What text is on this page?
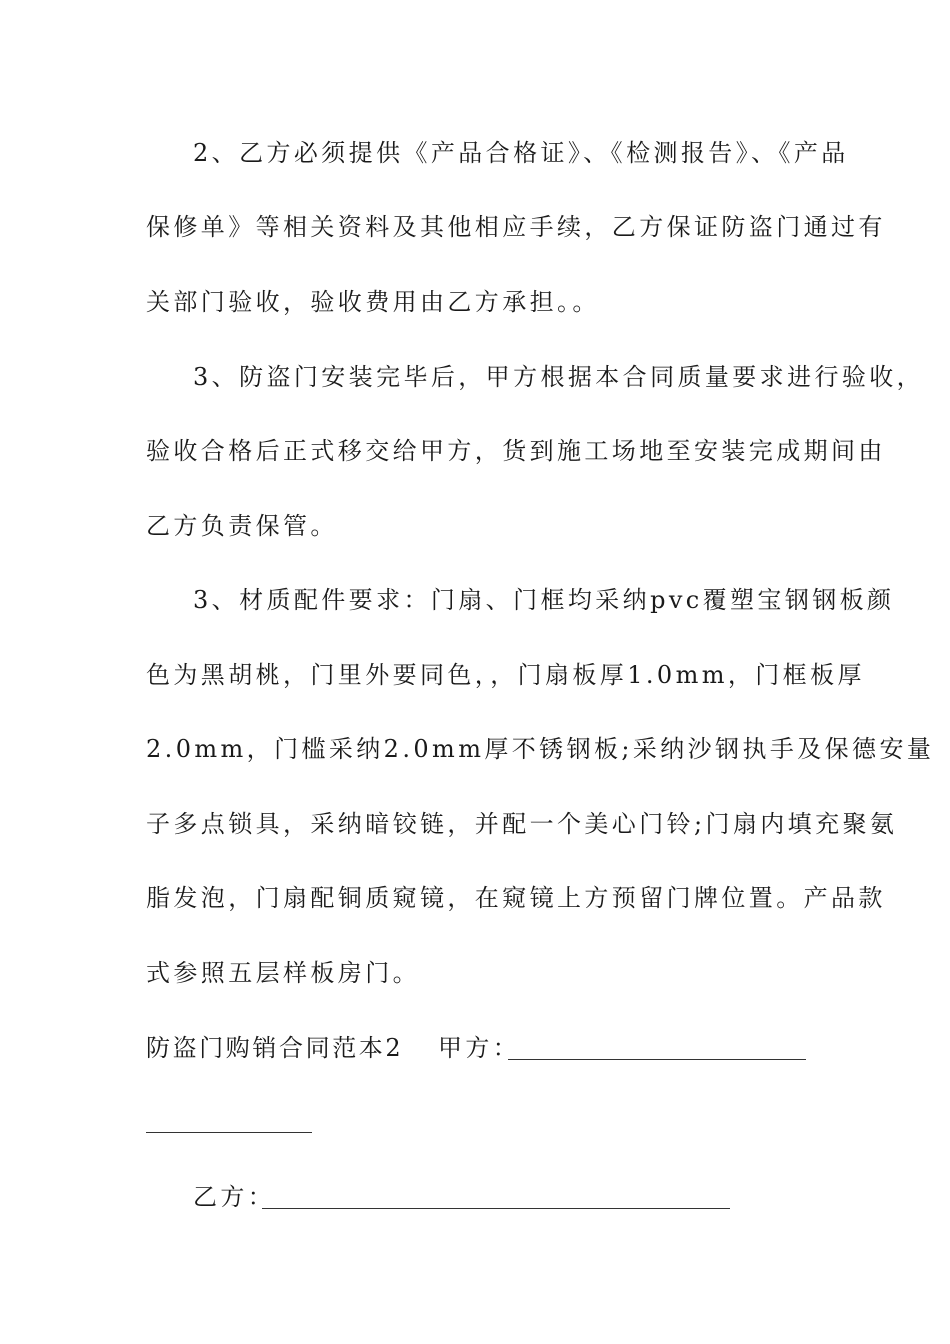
2、乙方必须提供《产品合格证》、《检测报告》、《产品
保修单》等相关资料及其他相应手续，乙方保证防盗门通过有
关部门验收，验收费用由乙方承担。。
3、防盗门安装完毕后，甲方根据本合同质量要求进行验收，
验收合格后正式移交给甲方，货到施工场地至安装完成期间由
乙方负责保管。
3、材质配件要求：门扇、门框均采纳pvc覆塑宝钢钢板颜
色为黑胡桃，门里外要同色，，门扇板厚1.0mm，门框板厚
2.0mm，门槛采纳2.0mm厚不锈钢板;采纳沙钢执手及保德安量
子多点锁具，采纳暗铰链，并配一个美心门铃;门扇内填充聚氨
脂发泡，门扇配铜质窥镜，在窥镜上方预留门牌位置。产品款
式参照五层样板房门。
防盗门购销合同范本2 甲方：
乙方：
